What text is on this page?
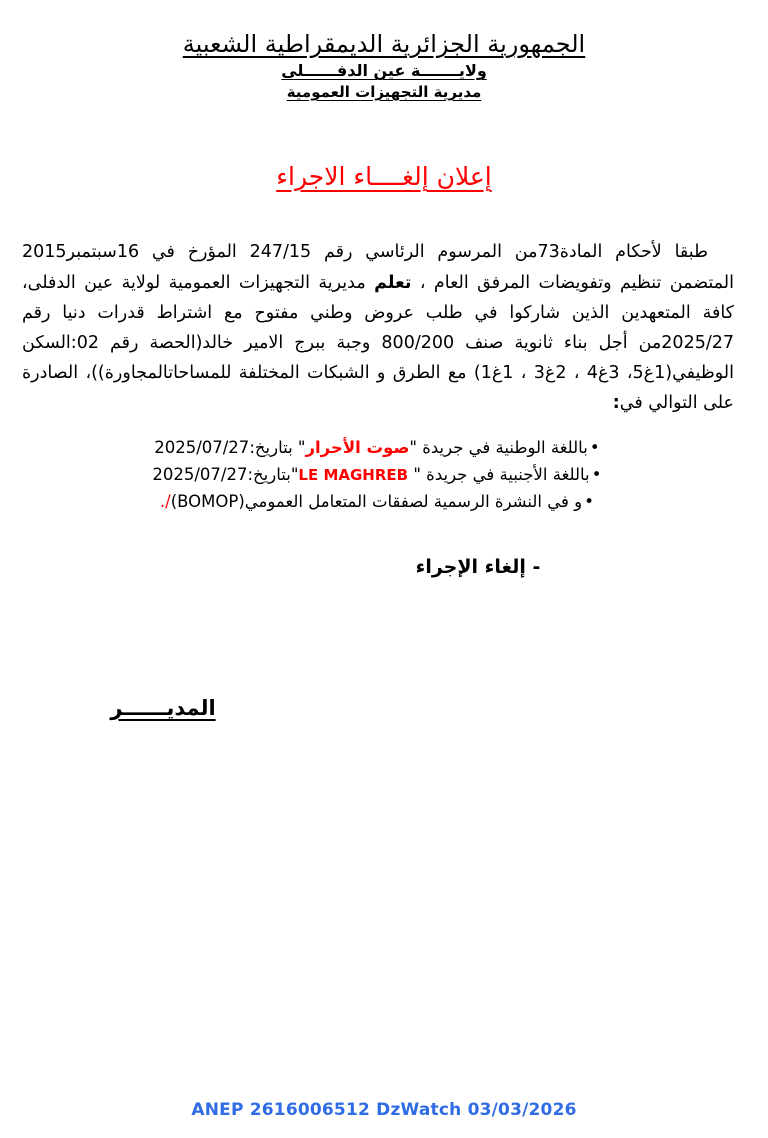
الجمهورية الجزائرية الديمقراطية الشعبية
ولايـــــــة عين الدفــــــلى
مديرية التجهيزات العمومية
إعلان إلغــــاء الاجراء

طبقا لأحكام المادة73من المرسوم الرئاسي رقم 247/15 المؤرخ في 16سبتمبر2015 المتضمن تنظيم وتفويضات المرفق العام ، تعلم مديرية التجهيزات العمومية لولاية عين الدفلى، كافة المتعهدين الذين شاركوا في طلب عروض وطني مفتوح مع اشتراط قدرات دنيا رقم 2025/27من أجل بناء ثانوية صنف 800/200 وجبة ببرج الامير خالد(الحصة رقم 02:السكن الوظيفي(1غ5، 3غ4 ، 2غ3 ، 1غ1) مع الطرق و الشبكات المختلفة للمساحاتالمجاورة))، الصادرة على التوالي في:

•باللغة الوطنية في جريدة "صوت الأحرار" بتاريخ:2025/07/27
•باللغة الأجنبية في جريدة " LE MAGHREB"بتاريخ:2025/07/27
•و في النشرة الرسمية لصفقات المتعامل العمومي(BOMOP)/.
- إلغاء الإجراء
المديــــــر
ANEP 2616006512 DzWatch 03/03/2026
